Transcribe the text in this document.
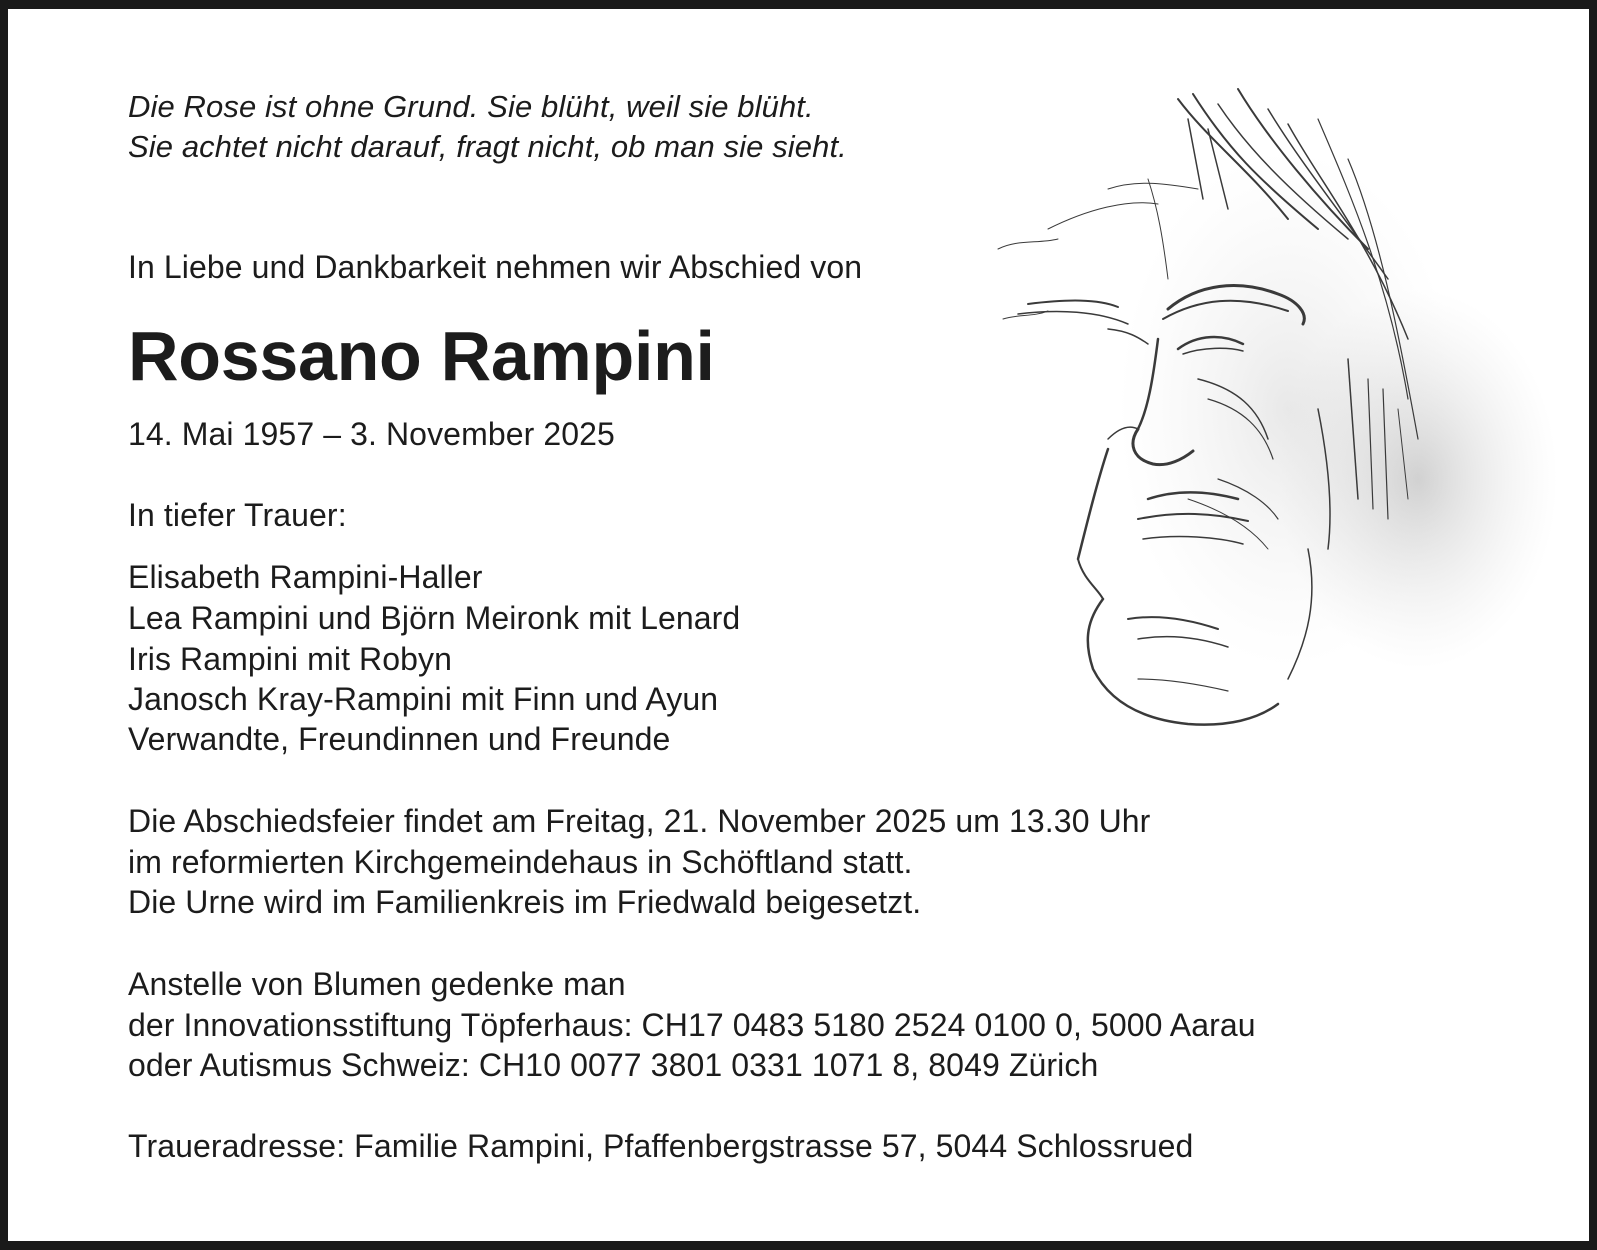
Die Rose ist ohne Grund. Sie blüht, weil sie blüht.
Sie achtet nicht darauf, fragt nicht, ob man sie sieht.
In Liebe und Dankbarkeit nehmen wir Abschied von
Rossano Rampini
14. Mai 1957 – 3. November 2025
In tiefer Trauer:
Elisabeth Rampini-Haller
Lea Rampini und Björn Meironk mit Lenard
Iris Rampini mit Robyn
Janosch Kray-Rampini mit Finn und Ayun
Verwandte, Freundinnen und Freunde
Die Abschiedsfeier findet am Freitag, 21. November 2025 um 13.30 Uhr
im reformierten Kirchgemeindehaus in Schöftland statt.
Die Urne wird im Familienkreis im Friedwald beigesetzt.
Anstelle von Blumen gedenke man
der Innovationsstiftung Töpferhaus: CH17 0483 5180 2524 0100 0, 5000 Aarau
oder Autismus Schweiz: CH10 0077 3801 0331 1071 8, 8049 Zürich
Traueradresse: Familie Rampini, Pfaffenbergstrasse 57, 5044 Schlossrued
